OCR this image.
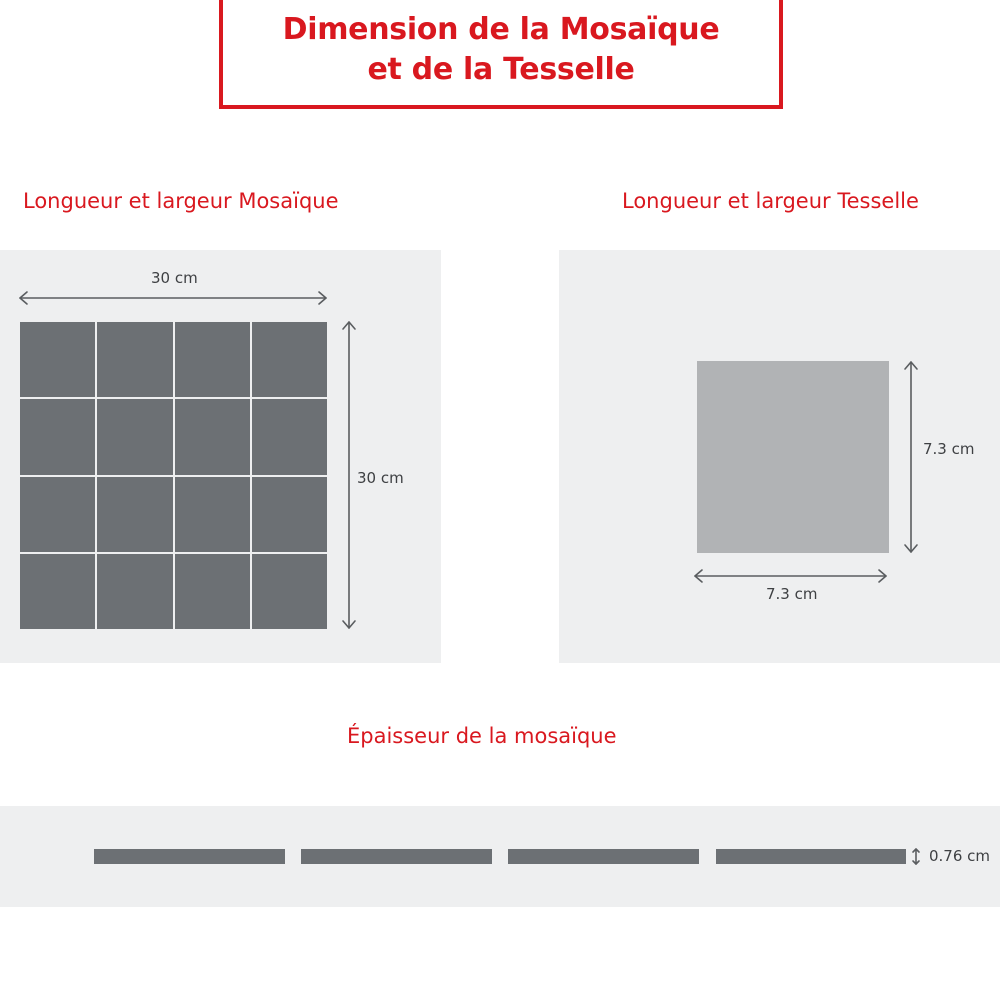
Dimension de la Mosaïque
et de la Tesselle
Longueur et largeur Mosaïque	Longueur et largeur Tesselle
30 cm
30 cm
7.3 cm
7.3 cm
Épaisseur de la mosaïque
0.76 cm
